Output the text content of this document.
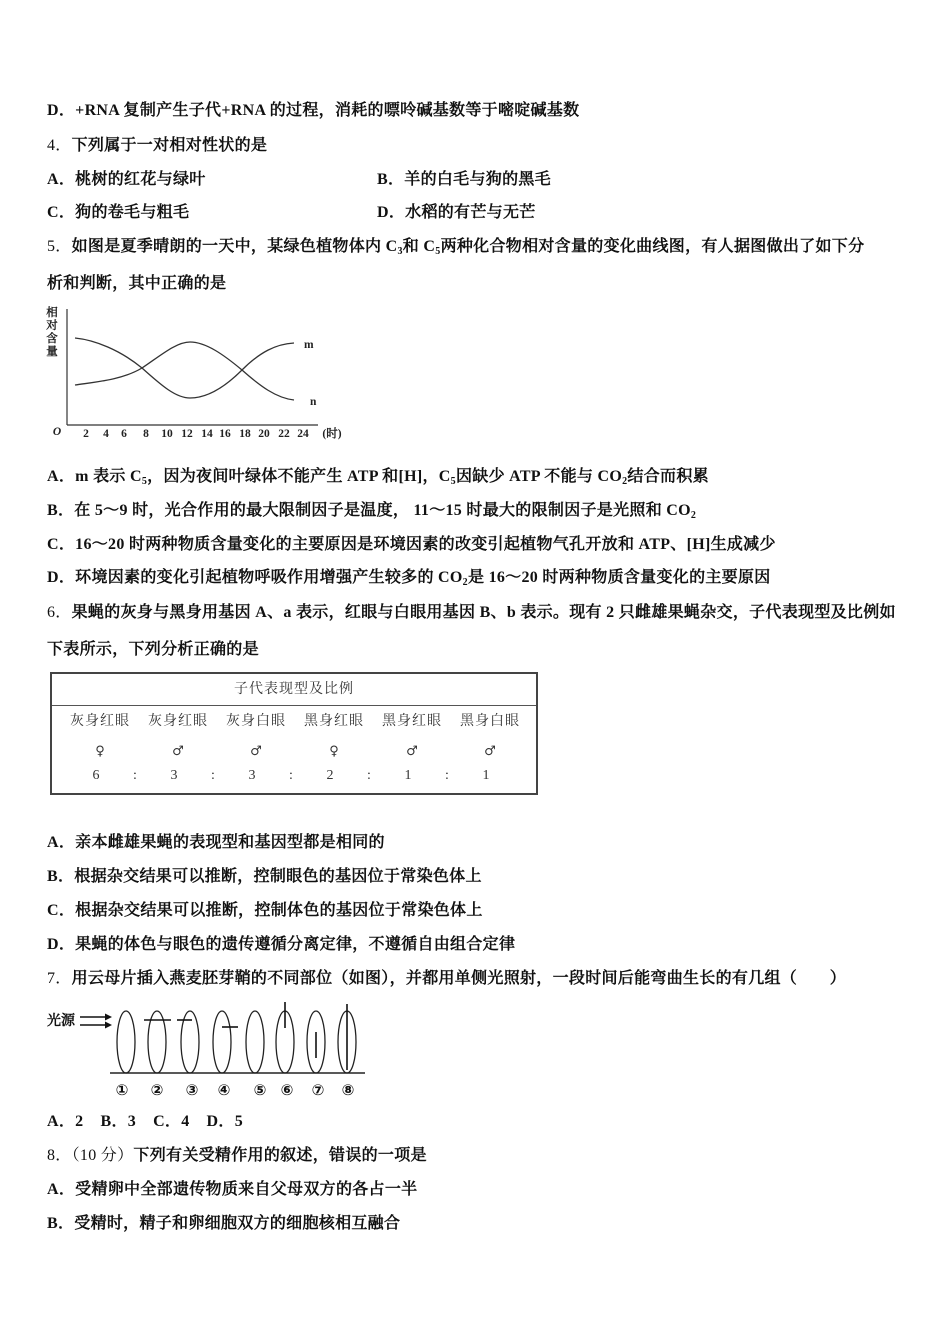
D．+RNA 复制产生子代+RNA 的过程，消耗的嘌呤碱基数等于嘧啶碱基数
4．下列属于一对相对性状的是
A．桃树的红花与绿叶	B．羊的白毛与狗的黑毛
C．狗的卷毛与粗毛	D．水稻的有芒与无芒
5．如图是夏季晴朗的一天中，某绿色植物体内 $C_3$和 $C_5$两种化合物相对含量的变化曲线图，有人据图做出了如下分
析和判断，其中正确的是
相对含量	m
n
O 2 4 6 8 10 12 14 16 18 20 22 24 (时)
A．m 表示 $C_5$，因为夜间叶绿体不能产生 ATP 和[H]，$C_5$因缺少 ATP 不能与 $CO_2$结合而积累
B．在 5～9 时，光合作用的最大限制因子是温度， 11～15 时最大的限制因子是光照和 $CO_2$
C．16～20 时两种物质含量变化的主要原因是环境因素的改变引起植物气孔开放和 ATP、[H]生成减少
D．环境因素的变化引起植物呼吸作用增强产生较多的 $CO_2$是 16～20 时两种物质含量变化的主要原因
6．果蝇的灰身与黑身用基因 A、a 表示，红眼与白眼用基因 B、b 表示。现有 2 只雌雄果蝇杂交，子代表现型及比例如
下表所示，下列分析正确的是
子代表现型及比例
灰身红眼	灰身红眼	灰身白眼	黑身红眼	黑身红眼	黑身白眼
♀	♂	♂	♀	♂	♂
6	:	3	:	3	:	2	:	1	:	1
A．亲本雌雄果蝇的表现型和基因型都是相同的
B．根据杂交结果可以推断，控制眼色的基因位于常染色体上
C．根据杂交结果可以推断，控制体色的基因位于常染色体上
D．果蝇的体色与眼色的遗传遵循分离定律，不遵循自由组合定律
7．用云母片插入燕麦胚芽鞘的不同部位（如图），并都用单侧光照射，一段时间后能弯曲生长的有几组（　　）
光源
① ② ③ ④ ⑤ ⑥ ⑦ ⑧
A．2 B．3 C．4 D．5
8．（10 分）下列有关受精作用的叙述，错误的一项是
A．受精卵中全部遗传物质来自父母双方的各占一半
B．受精时，精子和卵细胞双方的细胞核相互融合
